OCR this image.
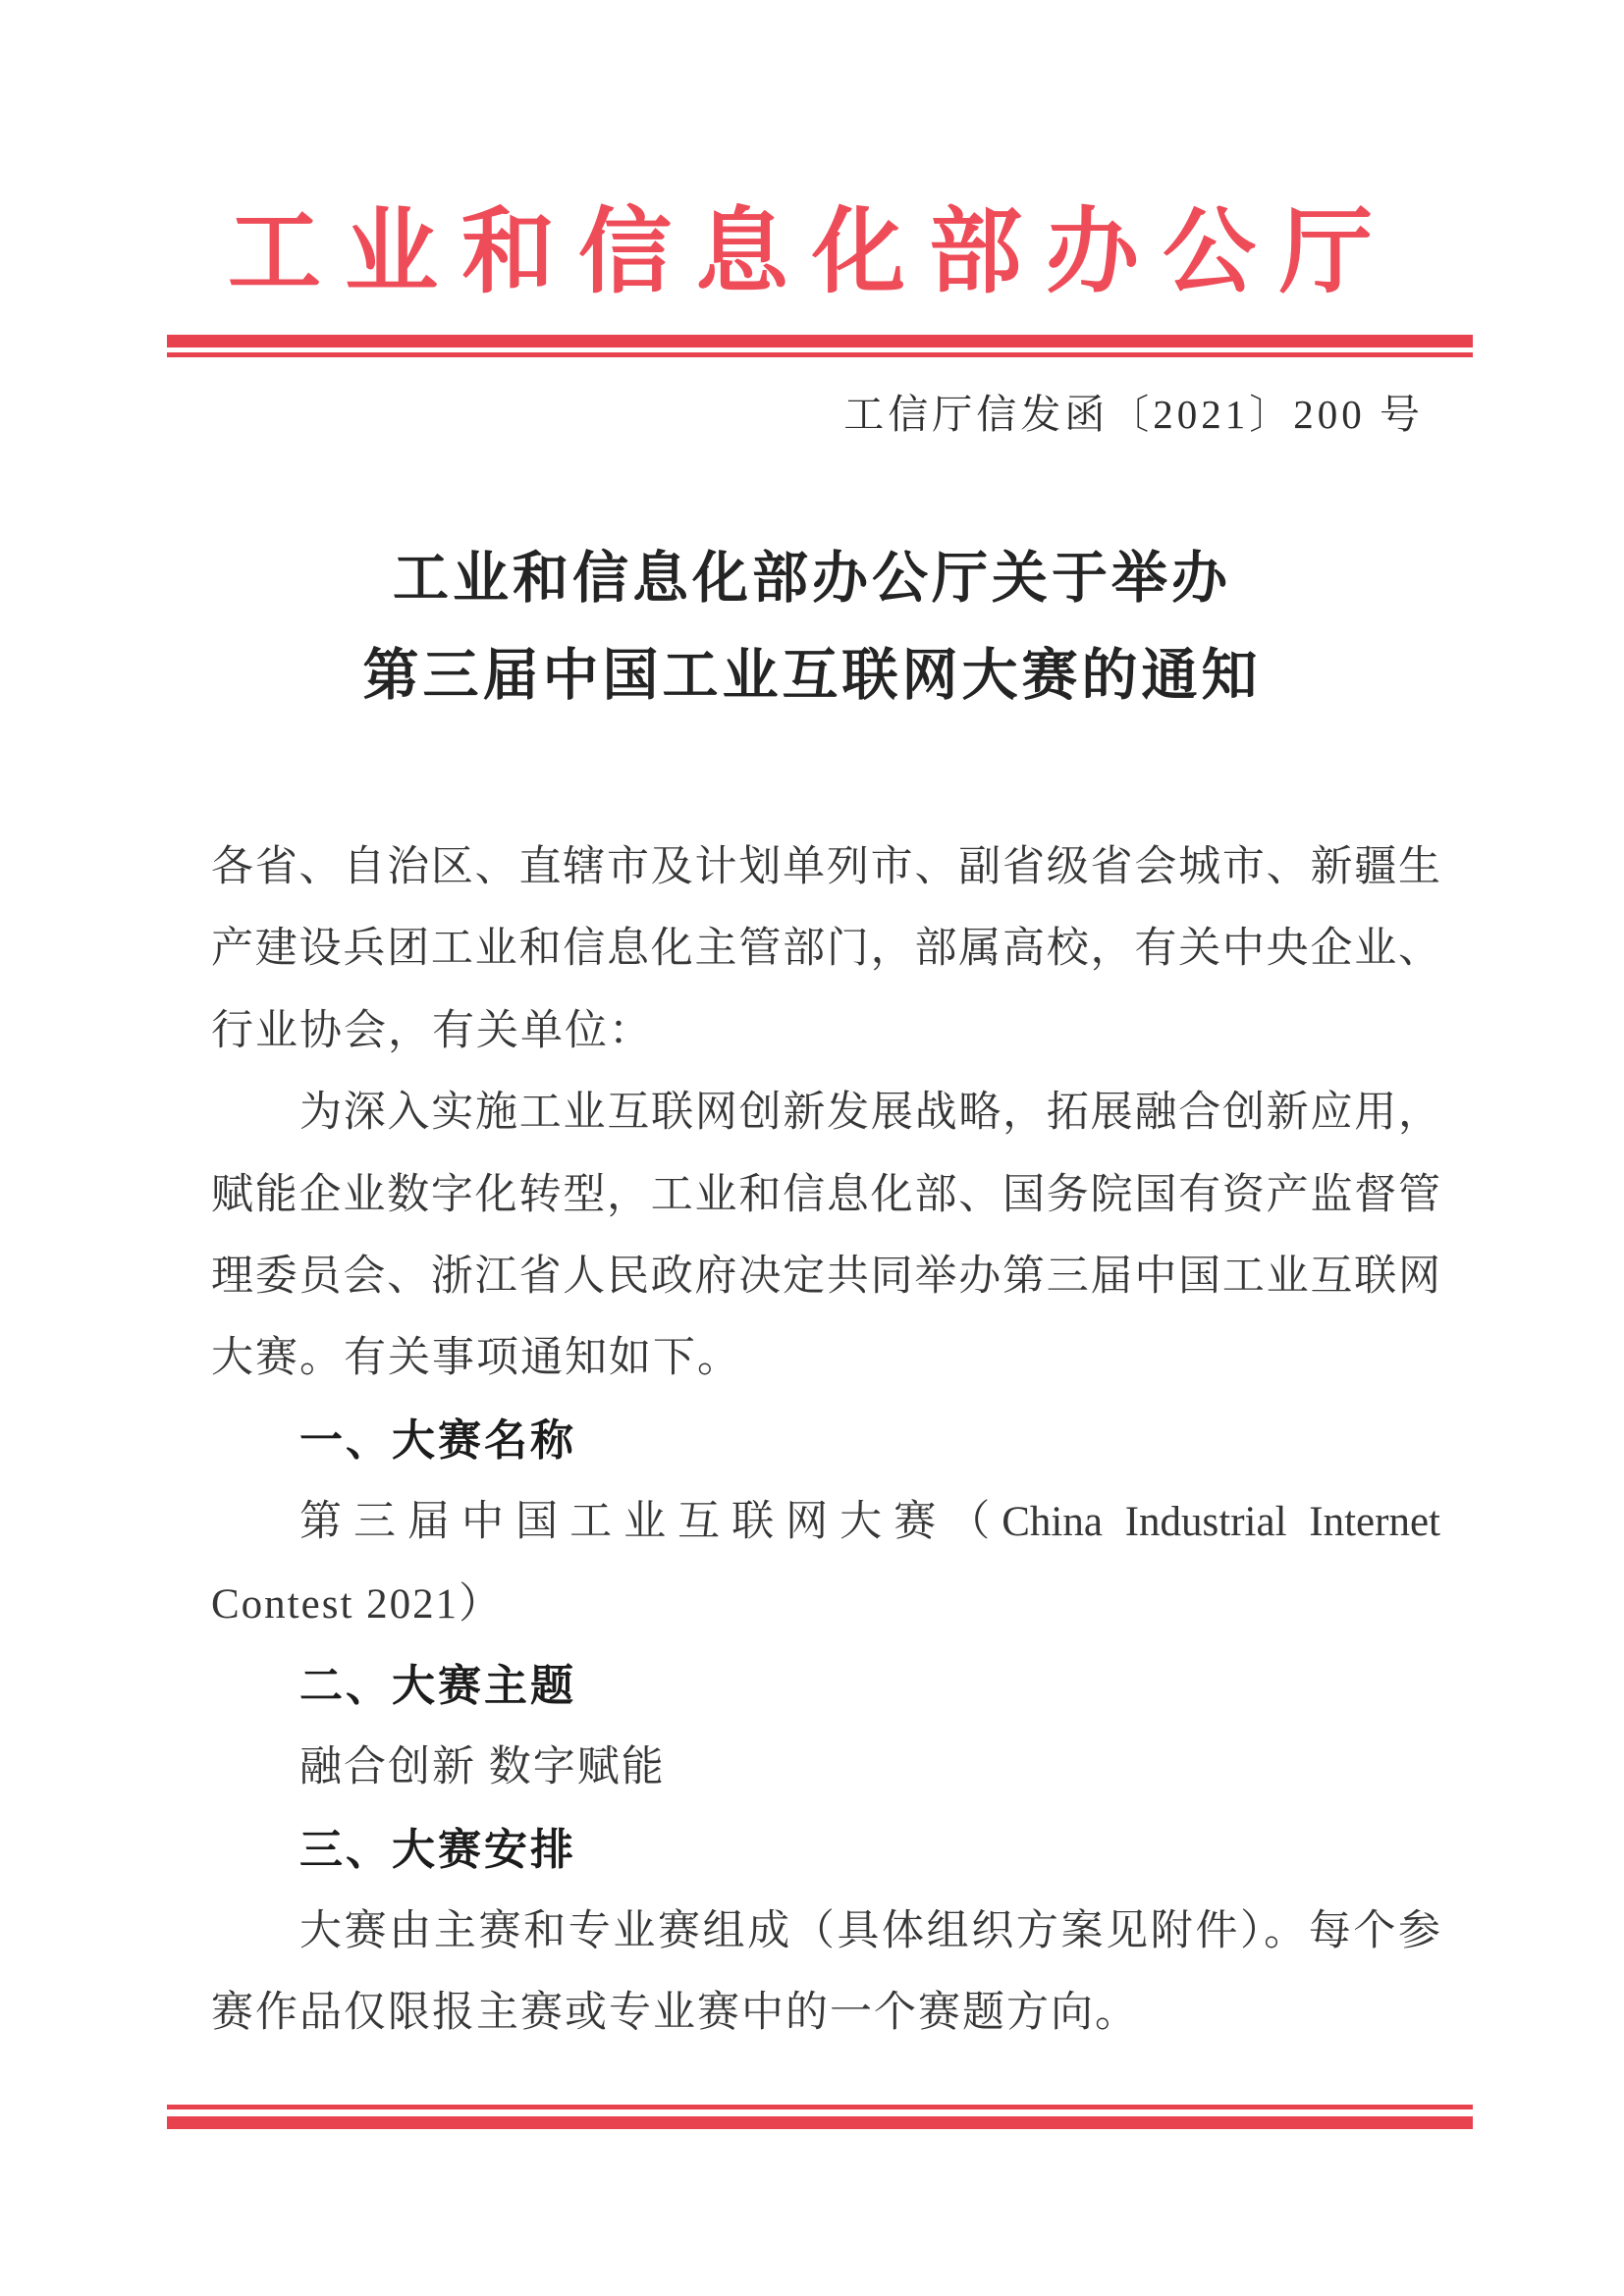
工业和信息化部办公厅
工信厅信发函〔2021〕200 号
工业和信息化部办公厅关于举办
第三届中国工业互联网大赛的通知
各省、自治区、直辖市及计划单列市、副省级省会城市、新疆生
产建设兵团工业和信息化主管部门，部属高校，有关中央企业、
行业协会，有关单位：
为深入实施工业互联网创新发展战略，拓展融合创新应用，
赋能企业数字化转型，工业和信息化部、国务院国有资产监督管
理委员会、浙江省人民政府决定共同举办第三届中国工业互联网
大赛。有关事项通知如下。
一、大赛名称
第三届中国工业互联网大赛（China Industrial Internet
Contest 2021）
二、大赛主题
融合创新 数字赋能
三、大赛安排
大赛由主赛和专业赛组成（具体组织方案见附件）。每个参
赛作品仅限报主赛或专业赛中的一个赛题方向。
